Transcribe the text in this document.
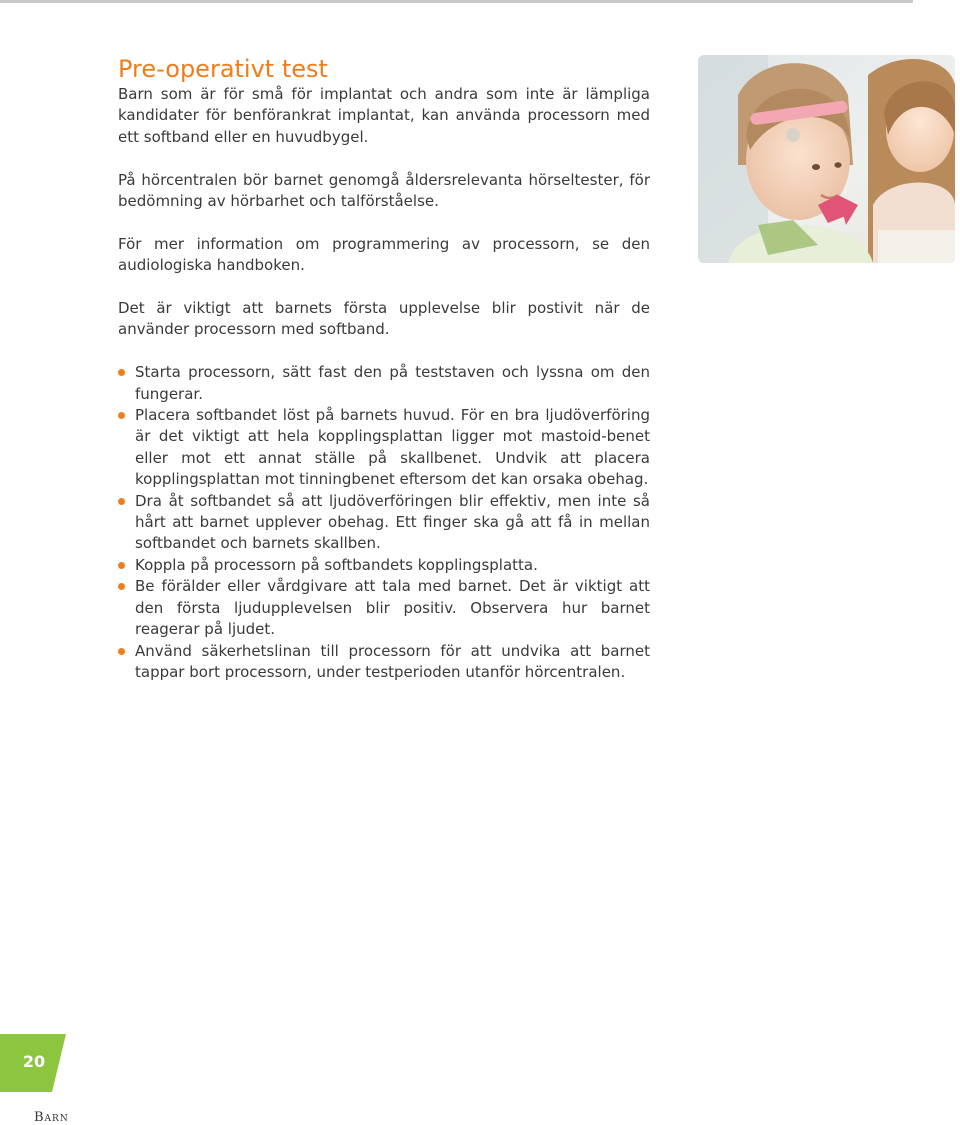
Pre-operativt test

Barn som är för små för implantat och andra som inte är lämpliga kandidater för benförankrat implantat, kan använda processorn med ett softband eller en huvudbygel.

På hörcentralen bör barnet genomgå åldersrelevanta hörseltester, för bedömning av hörbarhet och talförståelse.

För mer information om programmering av processorn, se den audiologiska handboken.

Det är viktigt att barnets första upplevelse blir postivit när de använder processorn med softband.

Starta processorn, sätt fast den på teststaven och lyssna om den fungerar.
Placera softbandet löst på barnets huvud. För en bra ljudöverföring är det viktigt att hela kopplingsplattan ligger mot mastoid-benet eller mot ett annat ställe på skallbenet. Undvik att placera kopplingsplattan mot tinningbenet eftersom det kan orsaka obehag.
Dra åt softbandet så att ljudöverföringen blir effektiv, men inte så hårt att barnet upplever obehag. Ett finger ska gå att få in mellan softbandet och barnets skallben.
Koppla på processorn på softbandets kopplingsplatta.
Be förälder eller vårdgivare att tala med barnet. Det är viktigt att den första ljudupplevelsen blir positiv. Observera hur barnet reagerar på ljudet.
Använd säkerhetslinan till processorn för att undvika att barnet tappar bort processorn, under testperioden utanför hörcentralen.
20
Barn
